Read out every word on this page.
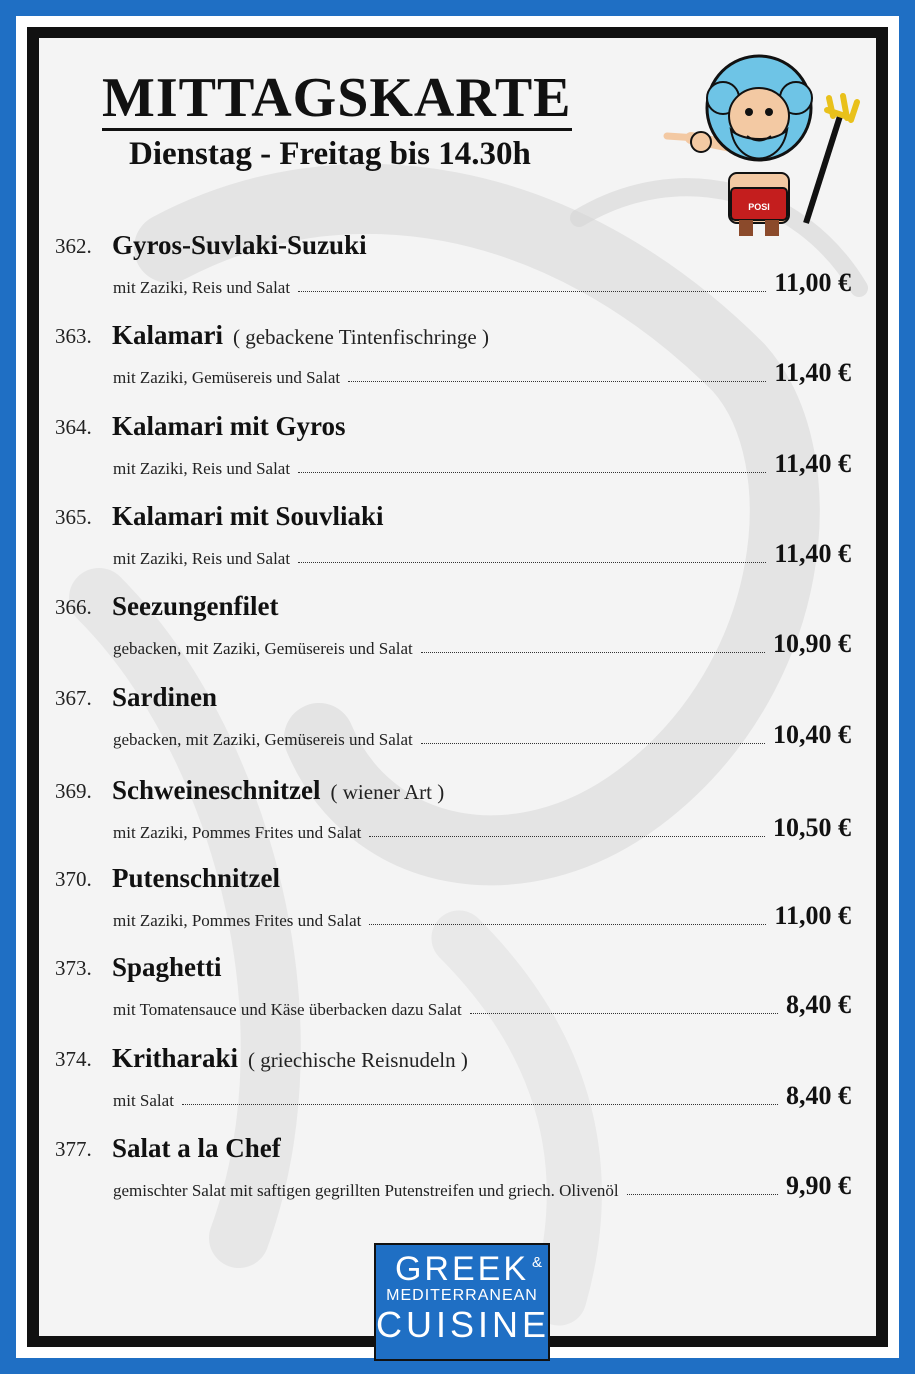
MITTAGSKARTE
Dienstag - Freitag bis 14.30h
POSI
362. Gyros-Suvlaki-Suzuki
mit Zaziki, Reis und Salat	11,00 €
363. Kalamari ( gebackene Tintenfischringe )
mit Zaziki, Gemüsereis und Salat	11,40 €
364. Kalamari mit Gyros
mit Zaziki, Reis und Salat	11,40 €
365. Kalamari mit Souvliaki
mit Zaziki, Reis und Salat	11,40 €
366. Seezungenfilet
gebacken, mit Zaziki, Gemüsereis und Salat	10,90 €
367. Sardinen
gebacken, mit Zaziki, Gemüsereis und Salat	10,40 €
369. Schweineschnitzel ( wiener Art )
mit Zaziki, Pommes Frites und Salat	10,50 €
370. Putenschnitzel
mit Zaziki, Pommes Frites und Salat	11,00 €
373. Spaghetti
mit Tomatensauce und Käse überbacken dazu Salat	8,40 €
374. Kritharaki ( griechische Reisnudeln )
mit Salat	8,40 €
377. Salat a la Chef
gemischter Salat mit saftigen gegrillten Putenstreifen und griech. Olivenöl	9,90 €
GREEK &
MEDITERRANEAN
CUISINE
